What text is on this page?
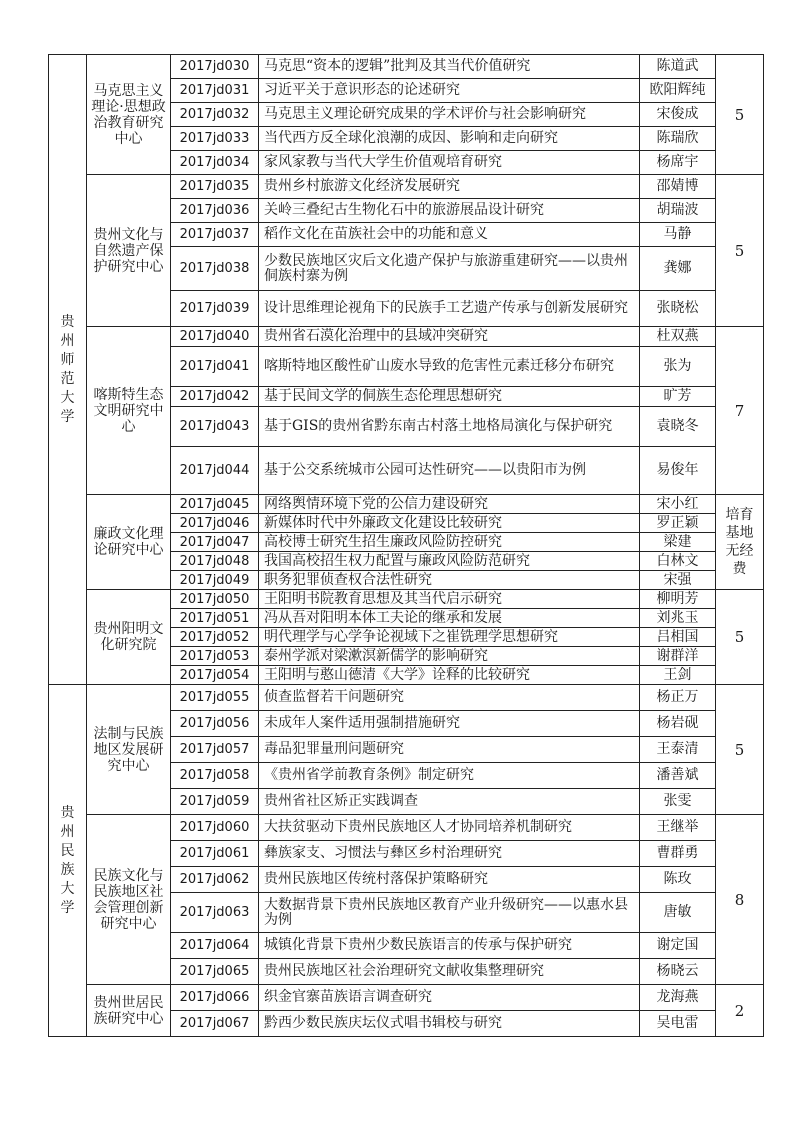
贵州师范大学	马克思主义理论·思想政治教育研究中心	2017jd030	马克思“资本的逻辑”批判及其当代价值研究	陈道武	5
		2017jd031	习近平关于意识形态的论述研究	欧阳辉纯	
		2017jd032	马克思主义理论研究成果的学术评价与社会影响研究	宋俊成	
		2017jd033	当代西方反全球化浪潮的成因、影响和走向研究	陈瑞欣	
		2017jd034	家风家教与当代大学生价值观培育研究	杨席宇	
	贵州文化与自然遗产保护研究中心	2017jd035	贵州乡村旅游文化经济发展研究	邵婧博	5
		2017jd036	关岭三叠纪古生物化石中的旅游展品设计研究	胡瑞波	
		2017jd037	稻作文化在苗族社会中的功能和意义	马静	
		2017jd038	少数民族地区灾后文化遗产保护与旅游重建研究——以贵州侗族村寨为例	龚娜	
		2017jd039	设计思维理论视角下的民族手工艺遗产传承与创新发展研究	张晓松	
	喀斯特生态文明研究中心	2017jd040	贵州省石漠化治理中的县域冲突研究	杜双燕	7
		2017jd041	喀斯特地区酸性矿山废水导致的危害性元素迁移分布研究	张为	
		2017jd042	基于民间文学的侗族生态伦理思想研究	旷芳	
		2017jd043	基于GIS的贵州省黔东南古村落土地格局演化与保护研究	袁晓冬	
		2017jd044	基于公交系统城市公园可达性研究——以贵阳市为例	易俊年	
	廉政文化理论研究中心	2017jd045	网络舆情环境下党的公信力建设研究	宋小红	培育基地无经费
		2017jd046	新媒体时代中外廉政文化建设比较研究	罗正颖	
		2017jd047	高校博士研究生招生廉政风险防控研究	梁建	
		2017jd048	我国高校招生权力配置与廉政风险防范研究	白林文	
		2017jd049	职务犯罪侦查权合法性研究	宋强	
	贵州阳明文化研究院	2017jd050	王阳明书院教育思想及其当代启示研究	柳明芳	5
		2017jd051	冯从吾对阳明本体工夫论的继承和发展	刘兆玉	
		2017jd052	明代理学与心学争论视域下之崔铣理学思想研究	吕相国	
		2017jd053	泰州学派对梁漱溟新儒学的影响研究	谢群洋	
		2017jd054	王阳明与憨山德清《大学》诠释的比较研究	王剑	
贵州民族大学	法制与民族地区发展研究中心	2017jd055	侦查监督若干问题研究	杨正万	5
		2017jd056	未成年人案件适用强制措施研究	杨岩砚	
		2017jd057	毒品犯罪量刑问题研究	王泰清	
		2017jd058	《贵州省学前教育条例》制定研究	潘善斌	
		2017jd059	贵州省社区矫正实践调查	张雯	
	民族文化与民族地区社会管理创新研究中心	2017jd060	大扶贫驱动下贵州民族地区人才协同培养机制研究	王继举	8
		2017jd061	彝族家支、习惯法与彝区乡村治理研究	曹群勇	
		2017jd062	贵州民族地区传统村落保护策略研究	陈玫	
		2017jd063	大数据背景下贵州民族地区教育产业升级研究——以惠水县为例	唐敏	
		2017jd064	城镇化背景下贵州少数民族语言的传承与保护研究	谢定国	
		2017jd065	贵州民族地区社会治理研究文献收集整理研究	杨晓云	
	贵州世居民族研究中心	2017jd066	织金官寨苗族语言调查研究	龙海燕	2
		2017jd067	黔西少数民族庆坛仪式唱书辑校与研究	吴电雷	
